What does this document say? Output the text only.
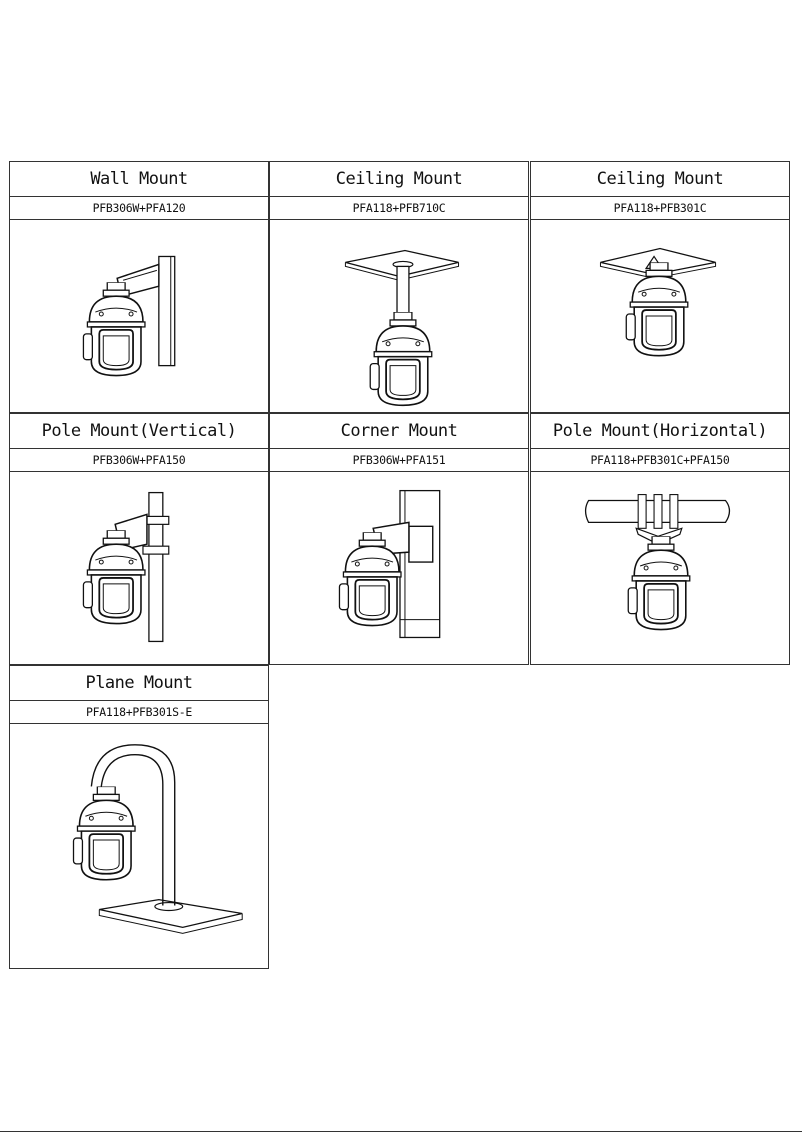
Wall Mount
PFB306W+PFA120
Ceiling Mount
PFA118+PFB710C
Ceiling Mount
PFA118+PFB301C
Pole Mount(Vertical)
PFB306W+PFA150
Corner Mount
PFB306W+PFA151
Pole Mount(Horizontal)
PFA118+PFB301C+PFA150
Plane Mount
PFA118+PFB301S-E
